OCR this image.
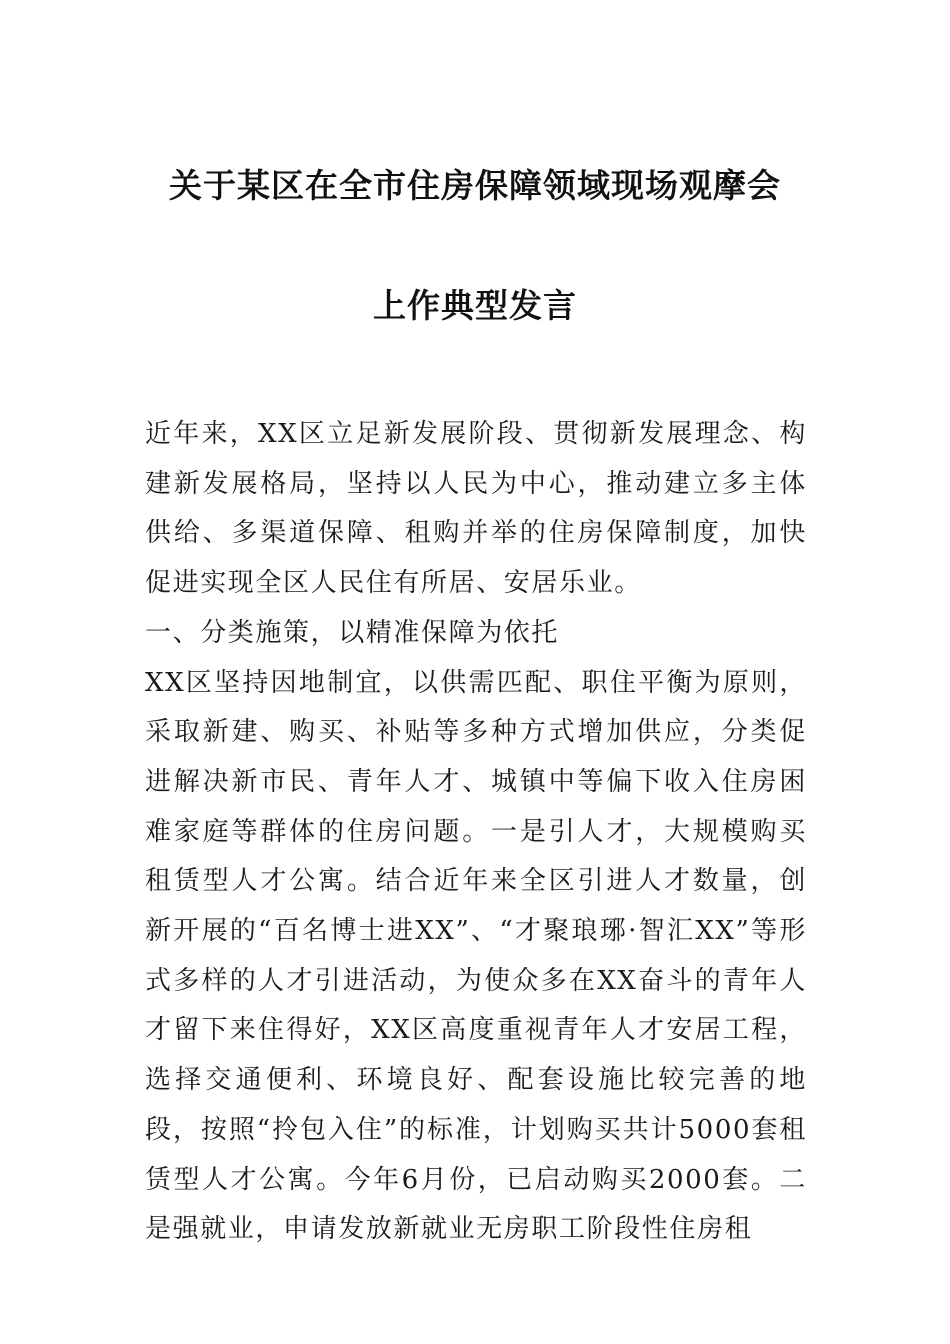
关于某区在全市住房保障领域现场观摩会
上作典型发言

近年来，XX区立足新发展阶段、贯彻新发展理念、构建新发展格局，坚持以人民为中心，推动建立多主体供给、多渠道保障、租购并举的住房保障制度，加快促进实现全区人民住有所居、安居乐业。

一、分类施策，以精准保障为依托

XX区坚持因地制宜，以供需匹配、职住平衡为原则，采取新建、购买、补贴等多种方式增加供应，分类促进解决新市民、青年人才、城镇中等偏下收入住房困难家庭等群体的住房问题。一是引人才，大规模购买租赁型人才公寓。结合近年来全区引进人才数量，创新开展的“百名博士进XX”、“才聚琅琊·智汇XX”等形式多样的人才引进活动，为使众多在XX奋斗的青年人才留下来住得好，XX区高度重视青年人才安居工程，选择交通便利、环境良好、配套设施比较完善的地段，按照“拎包入住”的标准，计划购买共计5000套租赁型人才公寓。今年6月份，已启动购买2000套。二是强就业，申请发放新就业无房职工阶段性住房租
